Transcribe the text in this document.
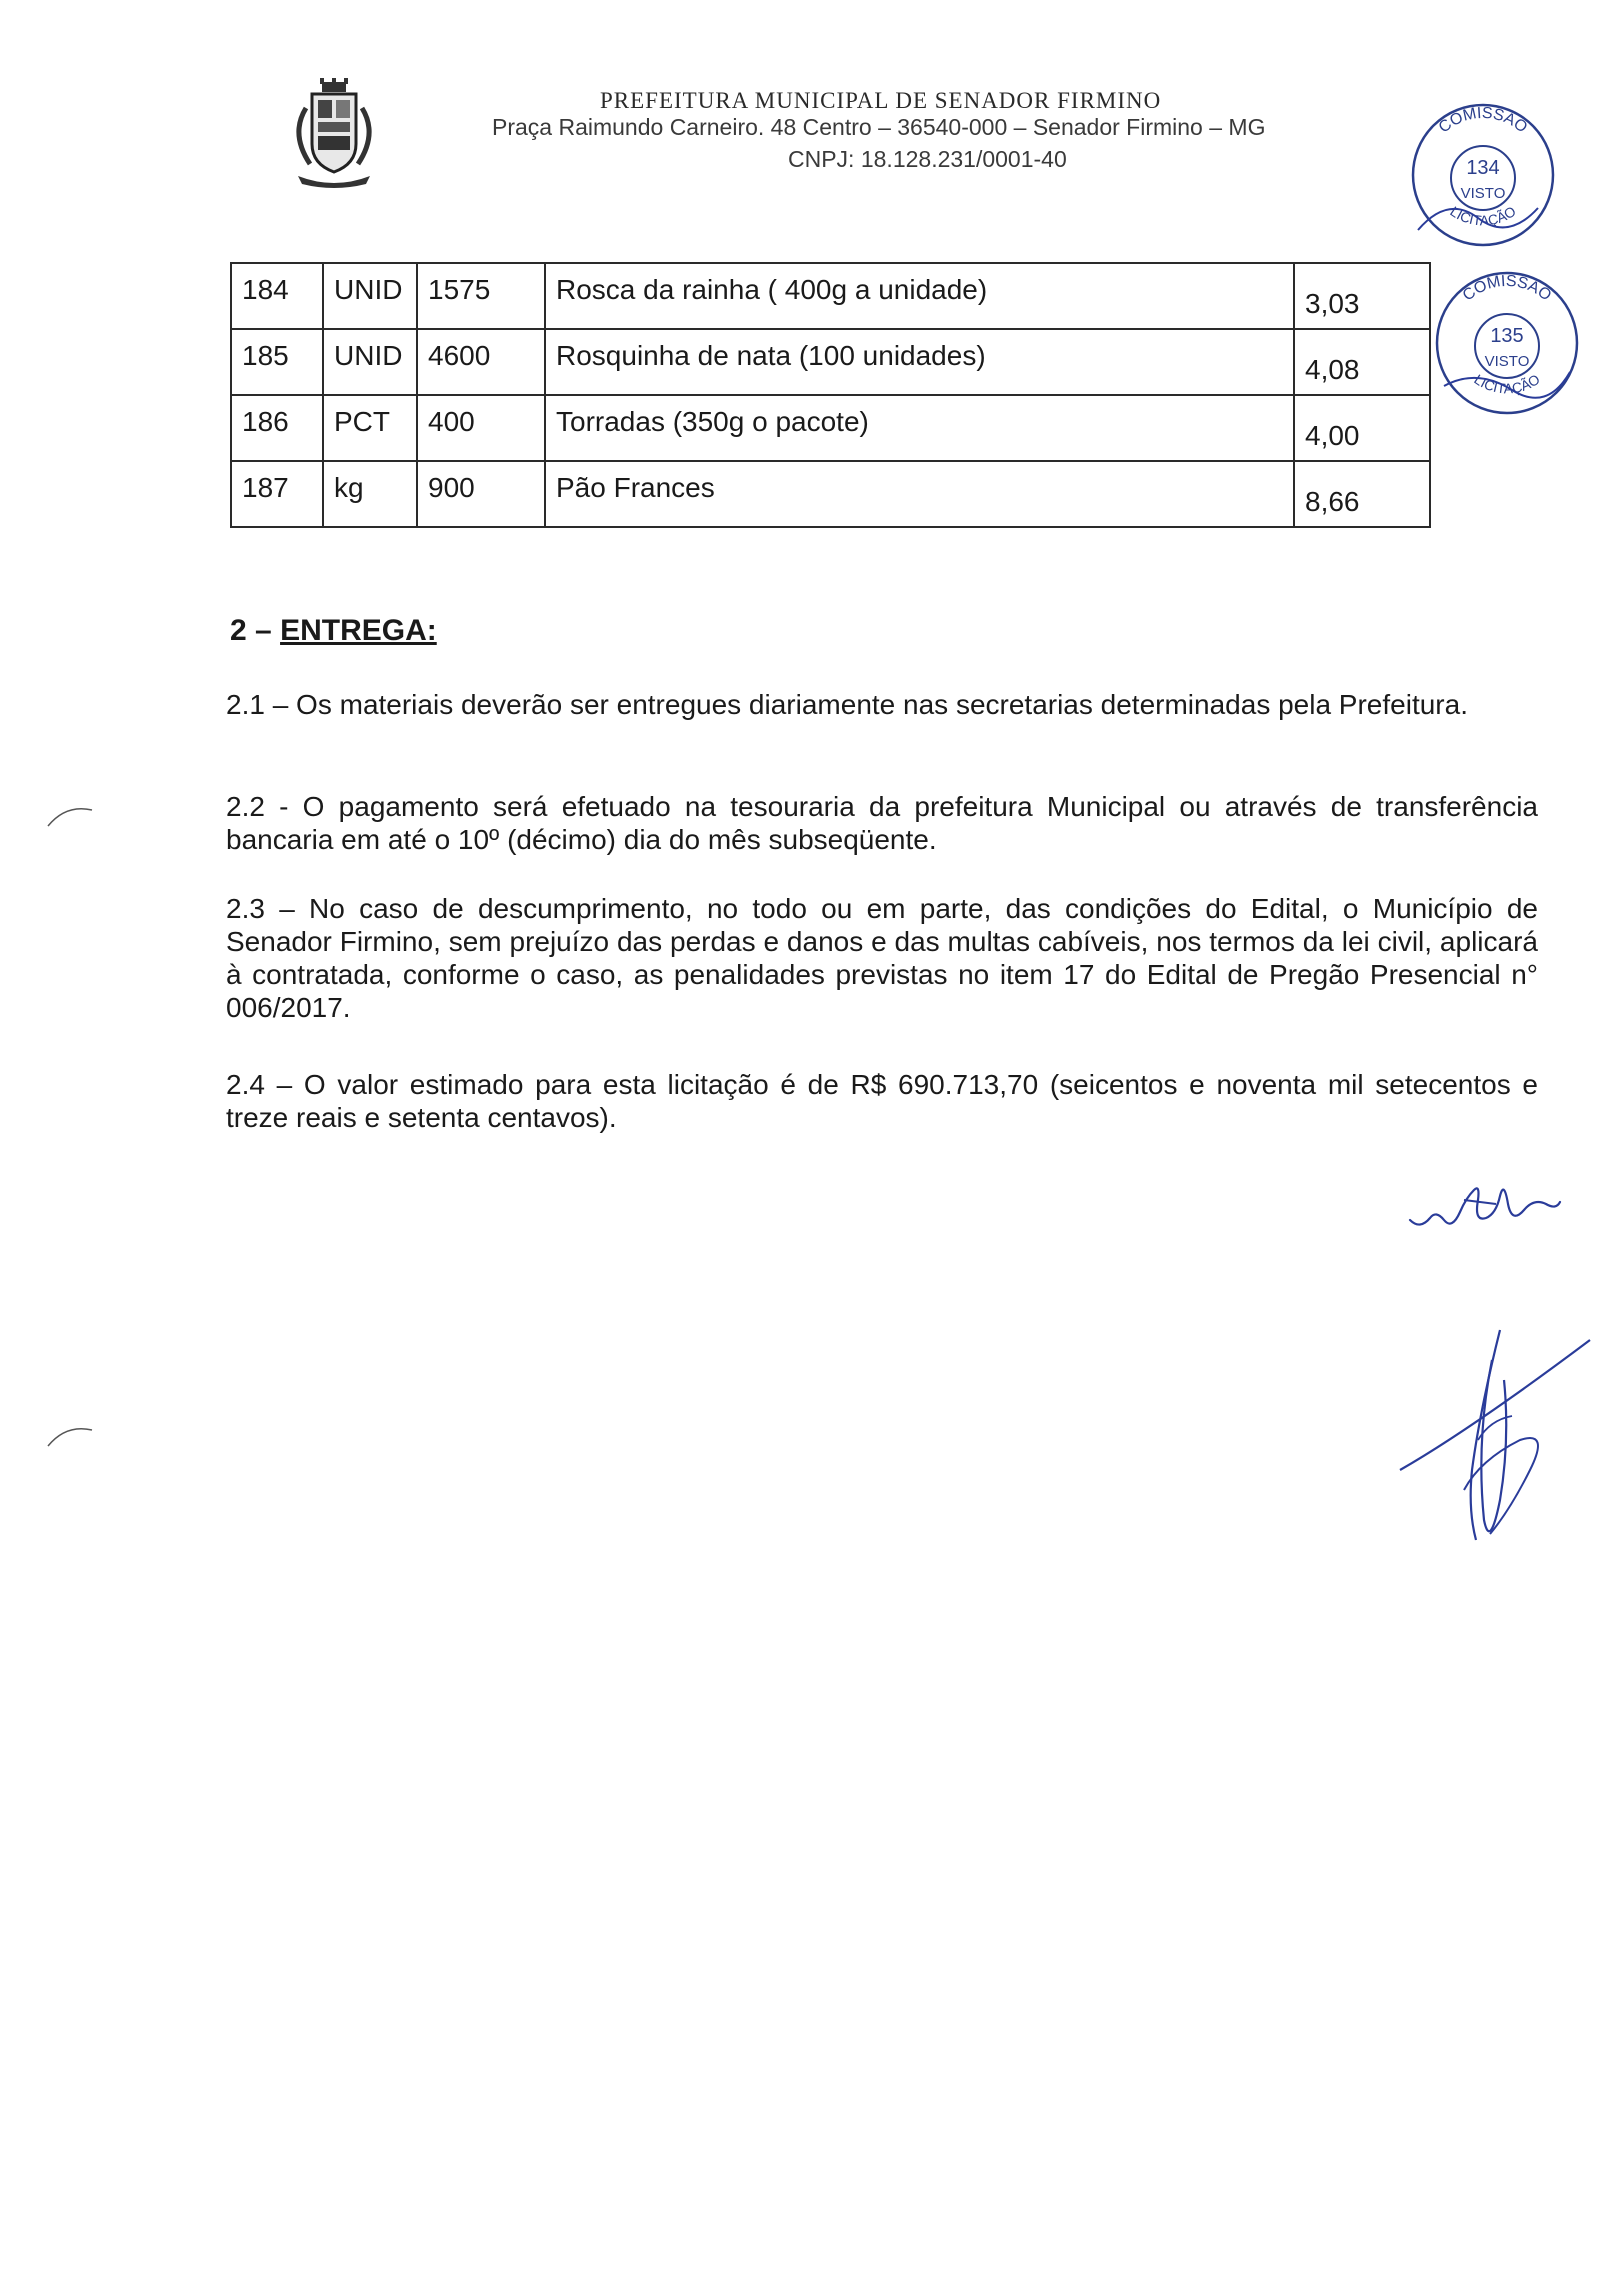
PREFEITURA MUNICIPAL DE SENADOR FIRMINO
Praça Raimundo Carneiro. 48 Centro – 36540-000 – Senador Firmino – MG
CNPJ: 18.128.231/0001-40
184	UNID	1575	Rosca da rainha ( 400g a unidade)	3,03
185	UNID	4600	Rosquinha de nata (100 unidades)	4,08
186	PCT	400	Torradas (350g o pacote)	4,00
187	kg	900	Pão Frances	8,66
2 – ENTREGA:
2.1 – Os materiais deverão ser entregues diariamente nas secretarias determinadas pela Prefeitura.
2.2 - O pagamento será efetuado na tesouraria da prefeitura Municipal ou através de transferência bancaria em até o 10º (décimo) dia do mês subseqüente.
2.3 – No caso de descumprimento, no todo ou em parte, das condições do Edital, o Município de Senador Firmino, sem prejuízo das perdas e danos e das multas cabíveis, nos termos da lei civil, aplicará à contratada, conforme o caso, as penalidades previstas no item 17 do Edital de Pregão Presencial n° 006/2017.
2.4 – O valor estimado para esta licitação é de R$ 690.713,70 (seicentos e noventa mil setecentos e treze reais e setenta centavos).
COMISSÃO
134
VISTO
LICITAÇÃO
COMISSÃO
135
VISTO
LICITAÇÃO
